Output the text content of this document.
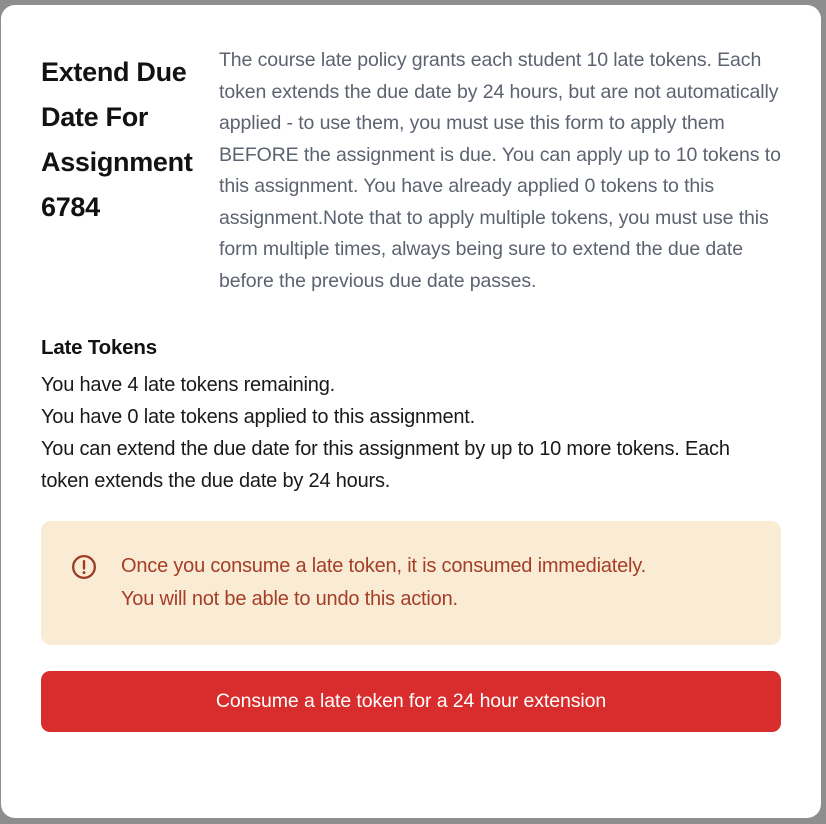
Extend Due Date For Assignment 6784

The course late policy grants each student 10 late tokens. Each token extends the due date by 24 hours, but are not automatically applied - to use them, you must use this form to apply them BEFORE the assignment is due. You can apply up to 10 tokens to this assignment. You have already applied 0 tokens to this assignment.Note that to apply multiple tokens, you must use this form multiple times, always being sure to extend the due date before the previous due date passes.

Late Tokens
You have 4 late tokens remaining.
You have 0 late tokens applied to this assignment.
You can extend the due date for this assignment by up to 10 more tokens. Each token extends the due date by 24 hours.
Once you consume a late token, it is consumed immediately.
You will not be able to undo this action.
Consume a late token for a 24 hour extension
